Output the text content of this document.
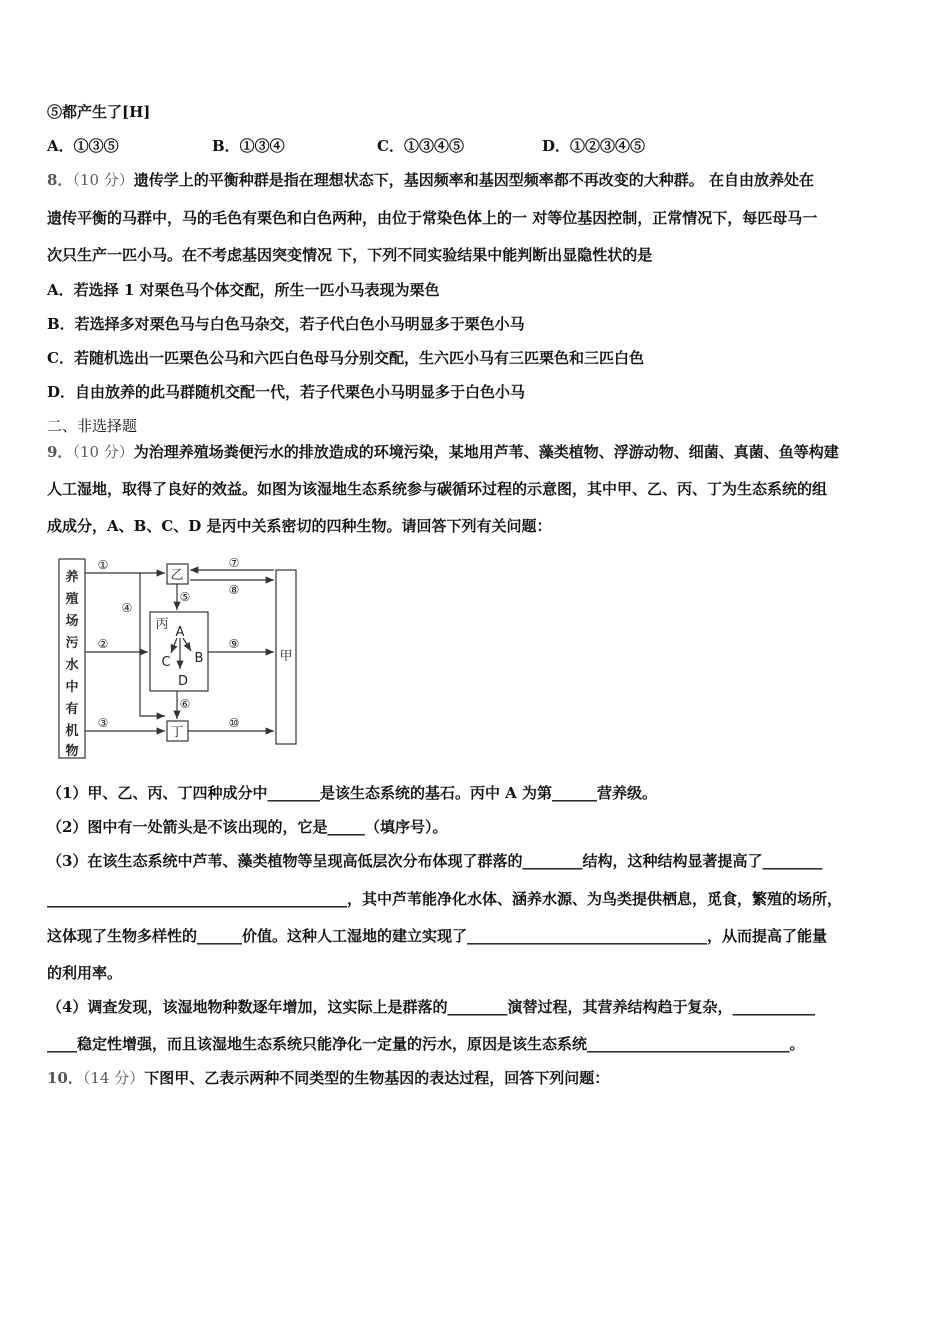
⑤都产生了[H]
A．①③⑤	B．①③④	C．①③④⑤	D．①②③④⑤
8．（10 分）遗传学上的平衡种群是指在理想状态下，基因频率和基因型频率都不再改变的大种群。 在自由放养处在
遗传平衡的马群中，马的毛色有栗色和白色两种，由位于常染色体上的一 对等位基因控制，正常情况下，每匹母马一
次只生产一匹小马。在不考虑基因突变情况 下，下列不同实验结果中能判断出显隐性状的是
A．若选择 1 对栗色马个体交配，所生一匹小马表现为栗色
B．若选择多对栗色马与白色马杂交，若子代白色小马明显多于栗色小马
C．若随机选出一匹栗色公马和六匹白色母马分别交配，生六匹小马有三匹栗色和三匹白色
D．自由放养的此马群随机交配一代，若子代栗色小马明显多于白色小马
二、非选择题
9．（10 分）为治理养殖场粪便污水的排放造成的环境污染，某地用芦苇、藻类植物、浮游动物、细菌、真菌、鱼等构建
人工湿地，取得了良好的效益。如图为该湿地生态系统参与碳循环过程的示意图，其中甲、乙、丙、丁为生态系统的组
成成分，A、B、C、D 是丙中关系密切的四种生物。请回答下列有关问题：
养
殖
场
污
水
中
有
机
物
乙
丙
丁
甲
A
B
C
D
①
②
③
④
⑤
⑥
⑦
⑧
⑨
⑩
（1）甲、乙、丙、丁四种成分中_______是该生态系统的基石。丙中 A 为第______营养级。
（2）图中有一处箭头是不该出现的，它是_____（填序号）。
（3）在该生态系统中芦苇、藻类植物等呈现高低层次分布体现了群落的________结构，这种结构显著提高了________
________________________________________，其中芦苇能净化水体、涵养水源、为鸟类提供栖息，觅食，繁殖的场所，
这体现了生物多样性的______价值。这种人工湿地的建立实现了________________________________，从而提高了能量
的利用率。
（4）调查发现，该湿地物种数逐年增加，这实际上是群落的________演替过程，其营养结构趋于复杂，___________
____稳定性增强，而且该湿地生态系统只能净化一定量的污水，原因是该生态系统___________________________。
10．（14 分）下图甲、乙表示两种不同类型的生物基因的表达过程，回答下列问题：
